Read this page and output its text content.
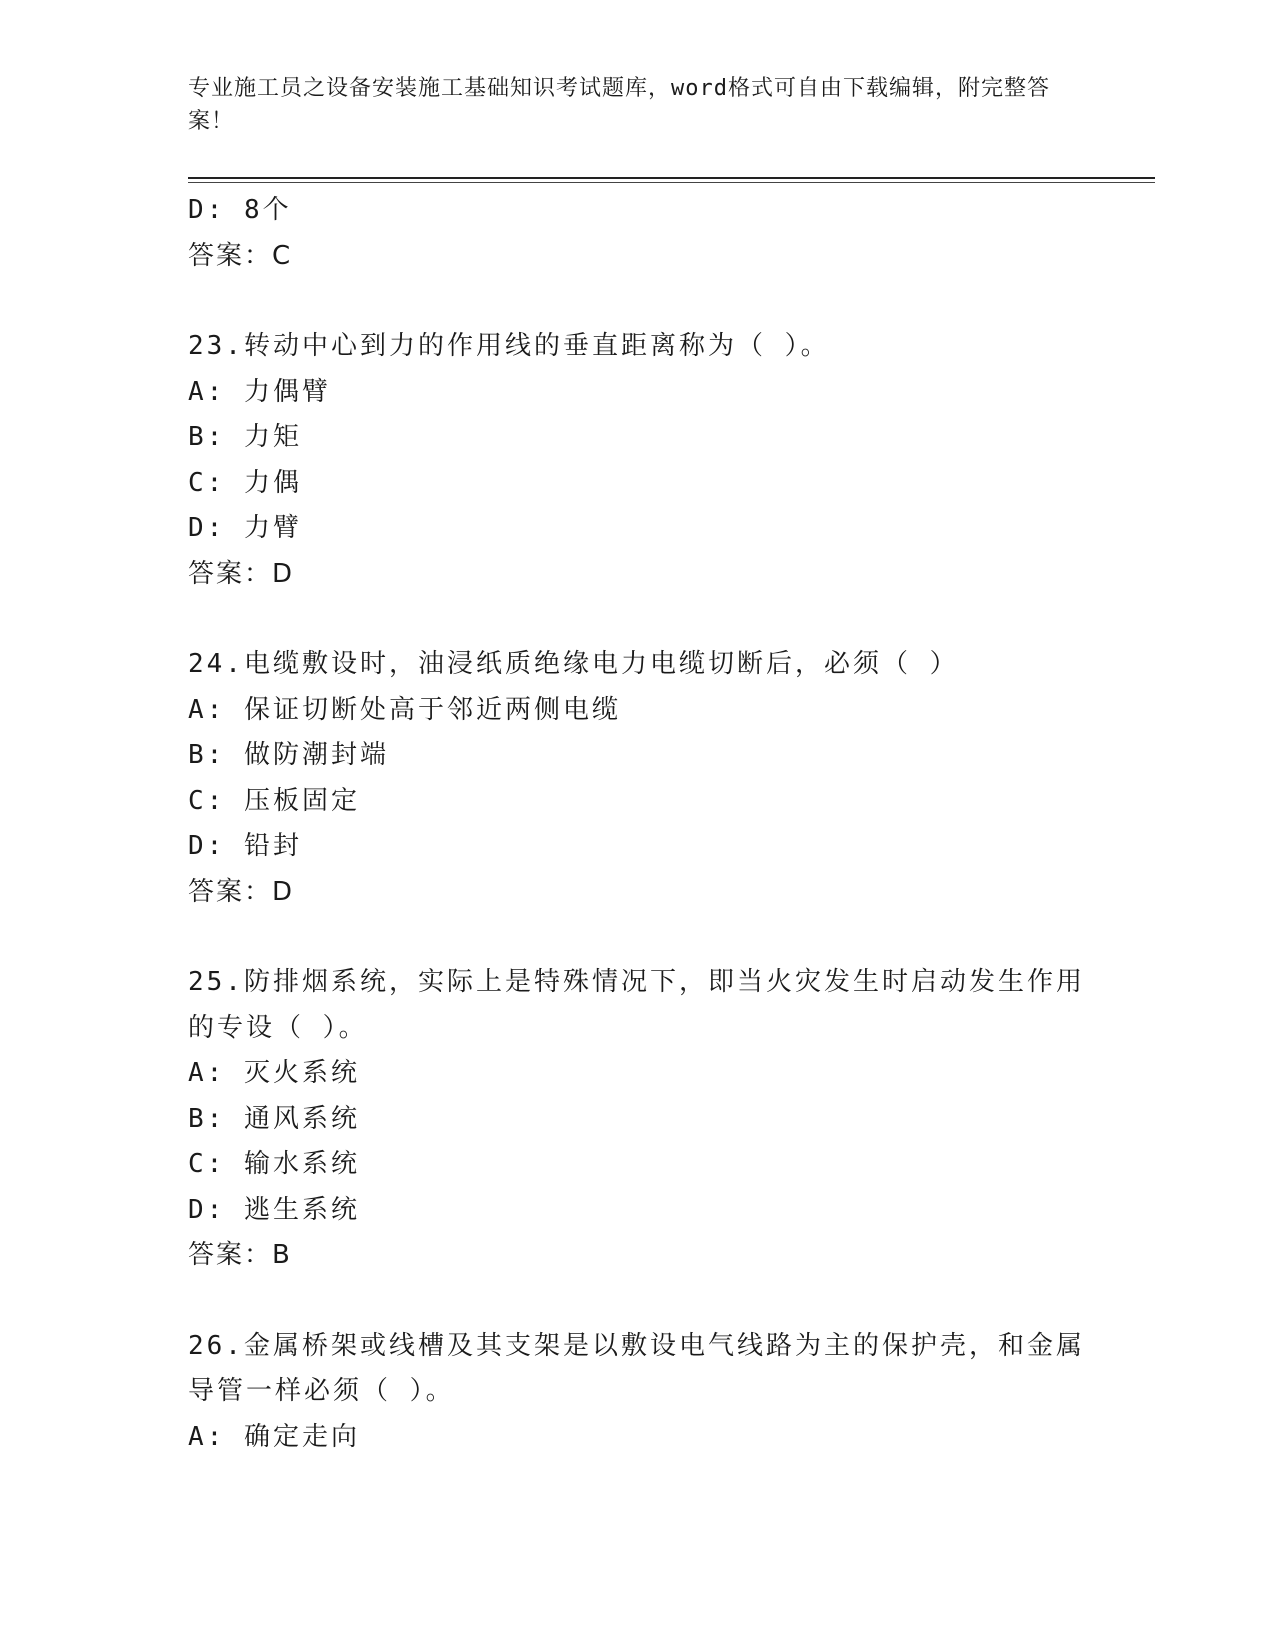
专业施工员之设备安装施工基础知识考试题库，word格式可自由下载编辑，附完整答案！
D: 8个
答案：C
23.转动中心到力的作用线的垂直距离称为（ ）。
A: 力偶臂
B: 力矩
C: 力偶
D: 力臂
答案：D
24.电缆敷设时，油浸纸质绝缘电力电缆切断后，必须（ ）
A: 保证切断处高于邻近两侧电缆
B: 做防潮封端
C: 压板固定
D: 铅封
答案：D
25.防排烟系统，实际上是特殊情况下，即当火灾发生时启动发生作用的专设（ ）。
A: 灭火系统
B: 通风系统
C: 输水系统
D: 逃生系统
答案：B
26.金属桥架或线槽及其支架是以敷设电气线路为主的保护壳，和金属导管一样必须（ ）。
A: 确定走向
